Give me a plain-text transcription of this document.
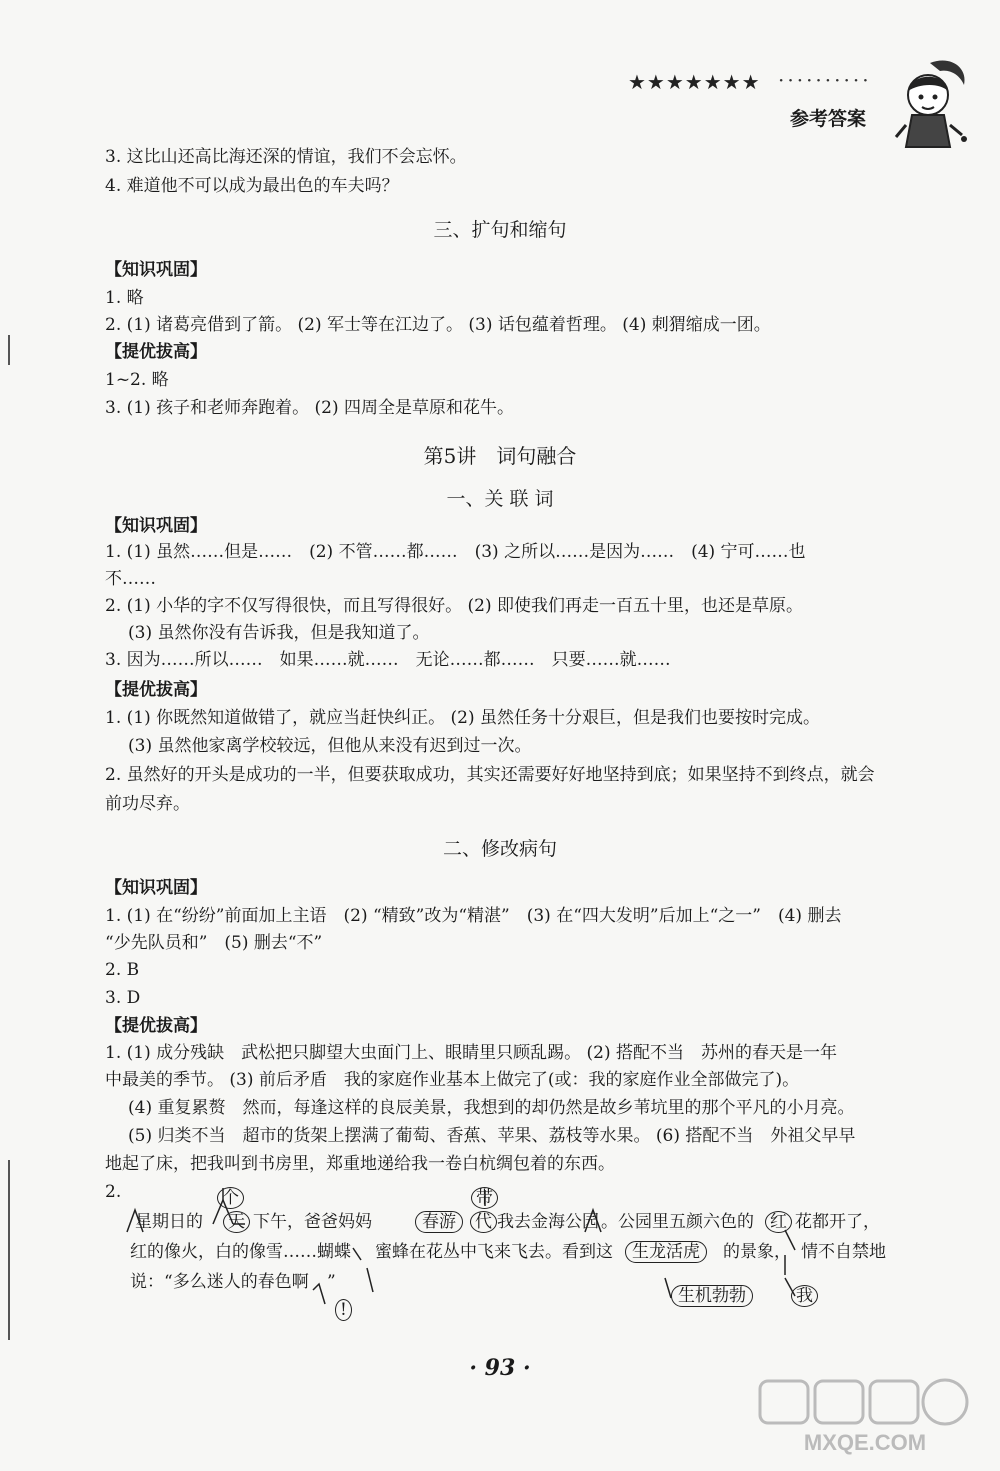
★★★★★★★ ··········
参考答案
3. 这比山还高比海还深的情谊，我们不会忘怀。
4. 难道他不可以成为最出色的车夫吗？
三、扩句和缩句
【知识巩固】
1. 略
2. (1) 诸葛亮借到了箭。 (2) 军士等在江边了。 (3) 话包蕴着哲理。 (4) 刺猬缩成一团。
【提优拔高】
1~2. 略
3. (1) 孩子和老师奔跑着。 (2) 四周全是草原和花牛。
第5讲　词句融合
一、关 联 词
【知识巩固】
1. (1) 虽然……但是……　(2) 不管……都……　(3) 之所以……是因为……　(4) 宁可……也
不……
2. (1) 小华的字不仅写得很快，而且写得很好。 (2) 即使我们再走一百五十里，也还是草原。
(3) 虽然你没有告诉我，但是我知道了。
3. 因为……所以……　如果……就……　无论……都……　只要……就……
【提优拔高】
1. (1) 你既然知道做错了，就应当赶快纠正。 (2) 虽然任务十分艰巨，但是我们也要按时完成。
(3) 虽然他家离学校较远，但他从来没有迟到过一次。
2. 虽然好的开头是成功的一半，但要获取成功，其实还需要好好地坚持到底；如果坚持不到终点，就会
前功尽弃。
二、修改病句
【知识巩固】
1. (1) 在“纷纷”前面加上主语　(2) “精致”改为“精湛”　(3) 在“四大发明”后加上“之一”　(4) 删去
“少先队员和”　(5) 删去“不”
2. B
3. D
【提优拔高】
1. (1) 成分残缺　武松把只脚望大虫面门上、眼睛里只顾乱踢。 (2) 搭配不当　苏州的春天是一年
中最美的季节。 (3) 前后矛盾　我的家庭作业基本上做完了(或：我的家庭作业全部做完了)。
(4) 重复累赘　然而，每逢这样的良辰美景，我想到的却仍然是故乡苇坑里的那个平凡的小月亮。
(5) 归类不当　超市的货架上摆满了葡萄、香蕉、苹果、荔枝等水果。 (6) 搭配不当　外祖父早早
地起了床，把我叫到书房里，郑重地递给我一卷白杭绸包着的东西。
2.
星期日的
个
天 下午，爸爸妈妈	春游	代
带
我去金海公园 。公园里五颜六色的 红 花都开了，
红的像火，白的像雪……蝴蝶 蜜蜂在花丛中飞来飞去。看到这	生龙活虎	的景象， 情不自禁地
说：“多么迷人的春色啊 ”
生机勃勃	我
!
· 93 ·
MXQE.COM
